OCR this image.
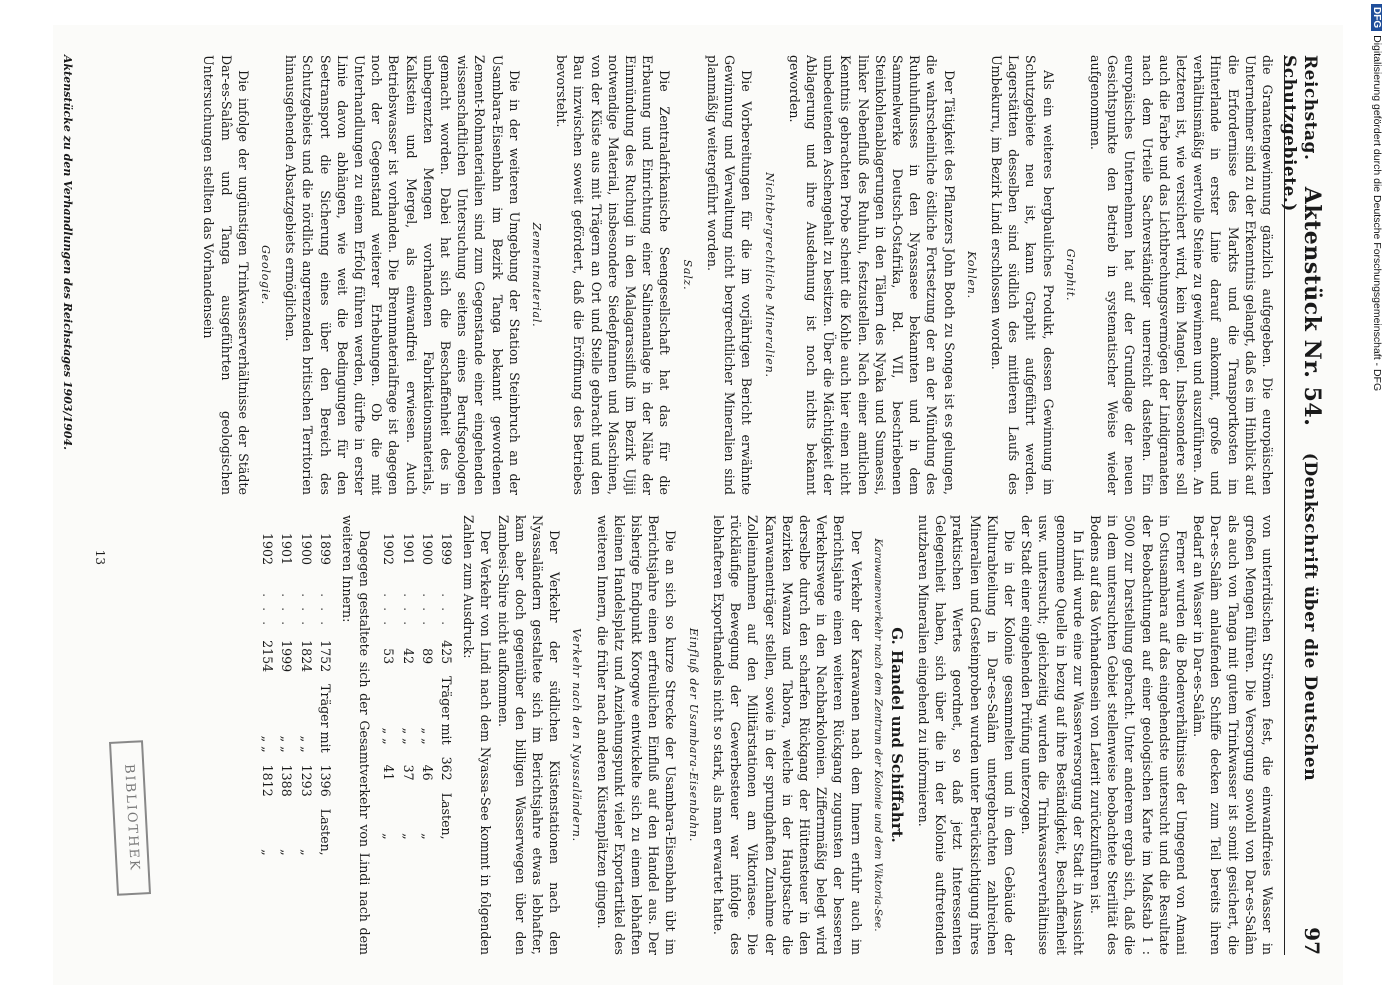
Reichstag. Aktenstück Nr. 54. (Denkschrift über die Deutschen Schutzgebiete.)
97

die Granatengewinnung gänzlich aufgegeben. Die europäischen Unternehmer sind zu der Erkenntnis gelangt, daß es im Hinblick auf die Erfordernisse des Markts und die Transportkosten im Hinterlande in erster Linie darauf ankommt, große und verhältnismäßig wertvolle Steine zu gewinnen und auszuführen. An letzteren ist, wie versichert wird, kein Mangel. Insbesondere soll auch die Farbe und das Lichtbrechungsvermögen der Lindigranaten nach dem Urteile Sachverständiger unerreicht dastehen. Ein europäisches Unternehmen hat auf der Grundlage der neuen Gesichtspunkte den Betrieb in systematischer Weise wieder aufgenommen.

Graphit.

Als ein weiteres bergbauliches Produkt, dessen Gewinnung im Schutzgebiete neu ist, kann Graphit aufgeführt werden. Lagerstätten desselben sind südlich des mittleren Laufs des Umbekurru, im Bezirk Lindi erschlossen worden.

Kohlen.

Der Tätigkeit des Pflanzers John Booth zu Songea ist es gelungen, die wahrscheinliche östliche Fortsetzung der an der Mündung des Ruhuhuflusses in den Nyassasee bekannten und in dem Sammelwerke Deutsch-Ostafrika, Bd. VII, beschriebenen Steinkohlenablagerungen in den Tälern des Nyaka und Sumaessi, linker Nebenfluß des Ruhuhu, festzustellen. Nach einer amtlichen Kenntnis gebrachten Probe scheint die Kohle auch hier einen nicht unbedeutenden Aschengehalt zu besitzen. Über die Mächtigkeit der Ablagerung und ihre Ausdehnung ist noch nichts bekannt geworden.

Nichtbergrechtliche Mineralien.

Die Vorbereitungen für die im vorjährigen Bericht erwähnte Gewinnung und Verwaltung nicht bergrechtlicher Mineralien sind planmäßig weitergeführt worden.

Salz.

Die Zentralafrikanische Seengesellschaft hat das für die Erbauung und Einrichtung einer Salinenanlage in der Nähe der Einmündung des Ruchugi in den Malagarassifluß im Bezirk Ujiji notwendige Material, insbesondere Siedepfannen und Maschinen, von der Küste aus mit Trägern an Ort und Stelle gebracht und den Bau inzwischen soweit gefördert, daß die Eröffnung des Betriebes bevorsteht.

Zementmaterial.

Die in der weiteren Umgebung der Station Steinbruch an der Usambara-Eisenbahn im Bezirk Tanga bekannt gewordenen Zement-Rohmaterialien sind zum Gegenstande einer eingehenden wissenschaftlichen Untersuchung seitens eines Berufsgeologen gemacht worden. Dabei hat sich die Beschaffenheit des in unbegrenzten Mengen vorhandenen Fabrikationsmaterials, Kalkstein und Mergel, als einwandfrei erwiesen. Auch Betriebswasser ist vorhanden. Die Brennmaterialfrage ist dagegen noch der Gegenstand weiterer Erhebungen. Ob die mit Unterhandlungen zu einem Erfolg führen werden, dürfte in erster Linie davon abhängen, wie weit die Bedingungen für den Seetransport die Sicherung eines über den Bereich des Schutzgebiets und die nördlich angrenzenden britischen Territorien hinausgehenden Absatzgebiets ermöglichen.

Geologie.

Die infolge der ungünstigen Trinkwasserverhältnisse der Städte Dar-es-Salâm und Tanga ausgeführten geologischen Untersuchungen stellten das Vorhandensein

von unterirdischen Strömen fest, die einwandfreies Wasser in großen Mengen führen. Die Versorgung sowohl von Dar-es-Salâm als auch von Tanga mit gutem Trinkwasser ist somit gesichert, die Dar-es-Salâm anlaufenden Schiffe decken zum Teil bereits ihren Bedarf an Wasser in Dar-es-Salâm.

Ferner wurden die Bodenverhältnisse der Umgegend von Amani in Ostusambara auf das eingehendste untersucht und die Resultate der Beobachtungen auf einer geologischen Karte im Maßstab 1 : 5000 zur Darstellung gebracht. Unter anderem ergab sich, daß die in dem untersuchten Gebiet stellenweise beobachtete Sterilität des Bodens auf das Vorhandensein von Laterit zurückzuführen ist.

In Lindi wurde eine zur Wasserversorgung der Stadt in Aussicht genommene Quelle in bezug auf ihre Beständigkeit, Beschaffenheit usw. untersucht; gleichzeitig wurden die Trinkwasserverhältnisse der Stadt einer eingehenden Prüfung unterzogen.

Die in der Kolonie gesammelten und in dem Gebäude der Kulturabteilung in Dar-es-Salâm untergebrachten zahlreichen Mineralien und Gesteinproben wurden unter Berücksichtigung ihres praktischen Wertes geordnet, so daß jetzt Interessenten Gelegenheit haben, sich über die in der Kolonie auftretenden nutzbaren Mineralien eingehend zu informieren.

G. Handel und Schiffahrt.
Karawanenverkehr nach dem Zentrum der Kolonie und dem Viktoria-See.

Der Verkehr der Karawanen nach dem Innern erfuhr auch im Berichtsjahre einen weiteren Rückgang zugunsten der besseren Verkehrswege in den Nachbarkolonien. Ziffernmäßig belegt wird derselbe durch den scharfen Rückgang der Hüttensteuer in den Bezirken Mwanza und Tabora, welche in der Hauptsache die Karawanenträger stellen, sowie in der sprunghaften Zunahme der Zolleinnahmen auf den Militärstationen am Viktoriasee. Die rückläufige Bewegung der Gewerbesteuer war infolge des lebhafteren Exporthandels nicht so stark, als man erwartet hatte.

Einfluß der Usambara-Eisenbahn.

Die an sich so kurze Strecke der Usambara-Eisenbahn übt im Berichtsjahre einen erfreulichen Einfluß auf den Handel aus. Der bisherige Endpunkt Korogwe entwickelte sich zu einem lebhaften kleinen Handelsplatz und Anziehungspunkt vieler Exportartikel des weiteren Innern, die früher nach anderen Küstenplätzen gingen.

Verkehr nach den Nyassaländern.

Der Verkehr der südlichen Küstenstationen nach den Nyassaländern gestaltete sich im Berichtsjahre etwas lebhafter, kam aber doch gegenüber den billigen Wasserwegen über den Zambesi-Shire nicht aufkommen.

Der Verkehr von Lindi nach dem Nyassa-See kommt in folgenden Zahlen zum Ausdruck:

1899	. . .	425	Träger mit	362	Lasten,
1900	. . .	89	„ „	46	„
1901	. . .	42	„ „	37	„
1902	. . .	53	„ „	41	„

Dagegen gestaltete sich der Gesamtverkehr von Lindi nach dem weiteren Innern:

1899	. . .	1752	Träger mit	1396	Lasten,
1900	. . .	1824	„ „	1293	„
1901	. . .	1999	„ „	1388	„
1902	. . .	2154	„ „	1812	„
Aktenstücke zu den Verhandlungen des Reichstages 1903/1904.
13
BIBLIOTHEK
DFGDigitalisierung gefördert durch die Deutsche Forschungsgemeinschaft - DFG
